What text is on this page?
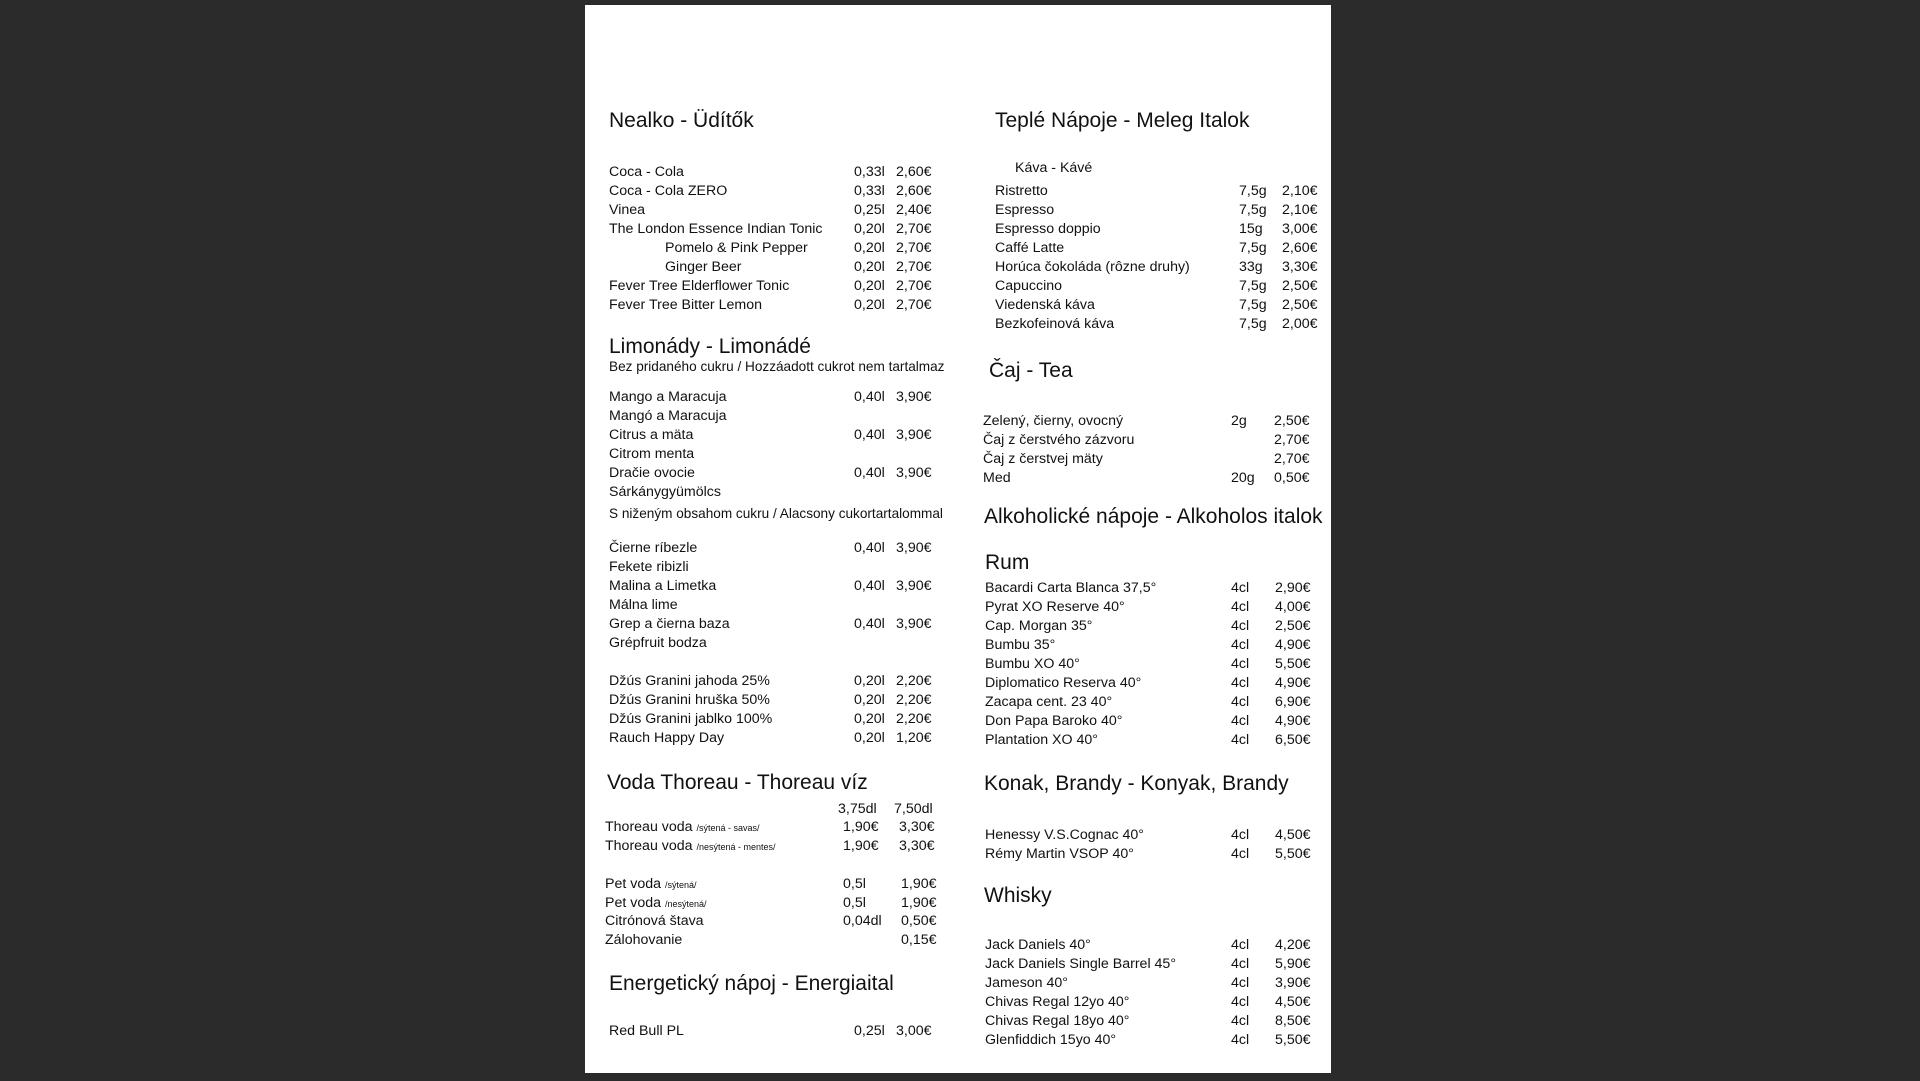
Nealko - Üdítők
Coca - Cola	0,33l 2,60€
Coca - Cola ZERO	0,33l 2,60€
Vinea	0,25l 2,40€
The London Essence Indian Tonic 0,20l 2,70€
Pomelo & Pink Pepper	0,20l 2,70€
Ginger Beer	0,20l 2,70€
Fever Tree Elderflower Tonic	0,20l 2,70€
Fever Tree Bitter Lemon	0,20l 2,70€
Limonády - Limonádé
Bez pridaného cukru / Hozzáadott cukrot nem tartalmaz
Mango a Maracuja	0,40l 3,90€
Mangó a Maracuja
Citrus a mäta	0,40l 3,90€
Citrom menta
Dračie ovocie	0,40l 3,90€
Sárkánygyümölcs
S niženým obsahom cukru / Alacsony cukortartalommal
Čierne ríbezle	0,40l 3,90€
Fekete ribizli
Malina a Limetka	0,40l 3,90€
Málna lime
Grep a čierna baza	0,40l 3,90€
Grépfruit bodza
Džús Granini jahoda 25%	0,20l 2,20€
Džús Granini hruška 50%	0,20l 2,20€
Džús Granini jablko 100%	0,20l 2,20€
Rauch Happy Day	0,20l 1,20€
Voda Thoreau - Thoreau víz
3,75dl 7,50dl
Thoreau voda /sýtená - savas/	1,90€ 3,30€
Thoreau voda /nesýtená - mentes/	1,90€ 3,30€
Pet voda /sýtená/	0,5l 1,90€
Pet voda /nesýtená/	0,5l 1,90€
Citrónová štava	0,04dl 0,50€
Zálohovanie	0,15€
Energetický nápoj - Energiaital
Red Bull PL	0,25l 3,00€
Teplé Nápoje - Meleg Italok
Káva - Kávé
Ristretto	7,5g 2,10€
Espresso	7,5g 2,10€
Espresso doppio	15g 3,00€
Caffé Latte	7,5g 2,60€
Horúca čokoláda (rôzne druhy)	33g 3,30€
Capuccino	7,5g 2,50€
Viedenská káva	7,5g 2,50€
Bezkofeinová káva	7,5g 2,00€
Čaj - Tea
Zelený, čierny, ovocný	2g 2,50€
Čaj z čerstvého zázvoru	2,70€
Čaj z čerstvej mäty	2,70€
Med	20g 0,50€
Alkoholické nápoje - Alkoholos italok
Rum
Bacardi Carta Blanca 37,5°	4cl 2,90€
Pyrat XO Reserve 40°	4cl 4,00€
Cap. Morgan 35°	4cl 2,50€
Bumbu 35°	4cl 4,90€
Bumbu XO 40°	4cl 5,50€
Diplomatico Reserva 40°	4cl 4,90€
Zacapa cent. 23 40°	4cl 6,90€
Don Papa Baroko 40°	4cl 4,90€
Plantation XO 40°	4cl 6,50€
Konak, Brandy - Konyak, Brandy
Henessy V.S.Cognac 40°	4cl 4,50€
Rémy Martin VSOP 40°	4cl 5,50€
Whisky
Jack Daniels 40°	4cl 4,20€
Jack Daniels Single Barrel 45°	4cl 5,90€
Jameson 40°	4cl 3,90€
Chivas Regal 12yo 40°	4cl 4,50€
Chivas Regal 18yo 40°	4cl 8,50€
Glenfiddich 15yo 40°	4cl 5,50€
